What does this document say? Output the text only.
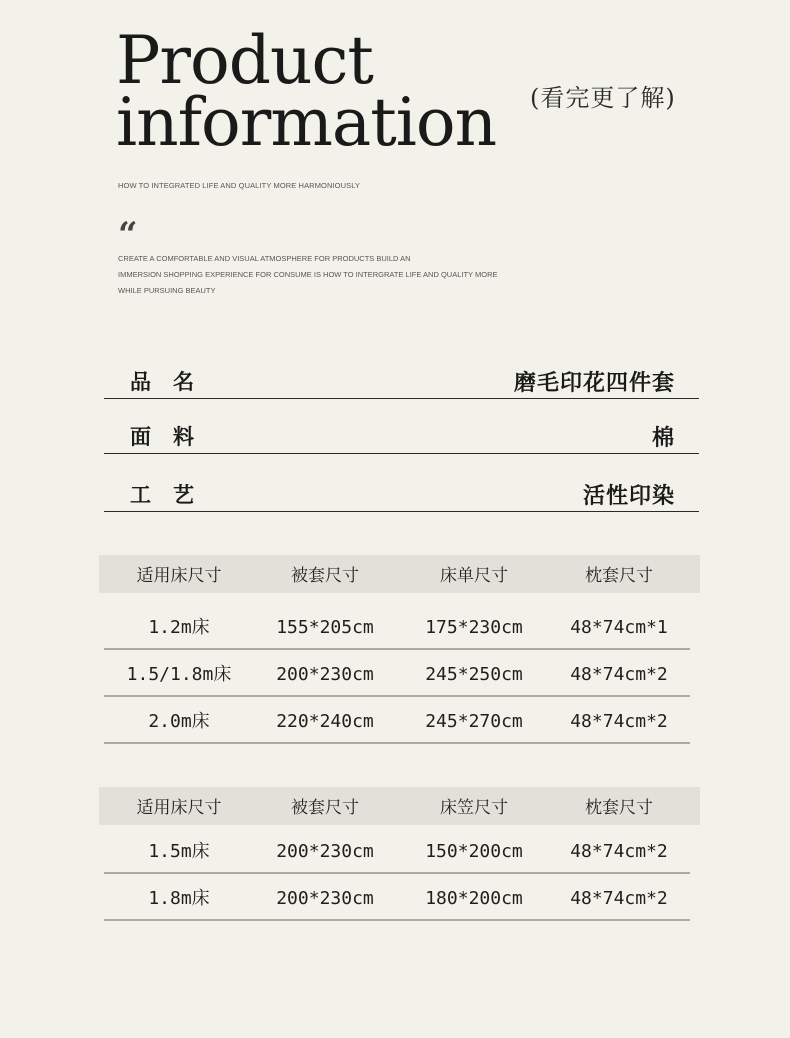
Product
information (看完更了解)
HOW TO INTEGRATED LIFE AND QUALITY MORE HARMONIOUSLY
“
CREATE A COMFORTABLE AND VISUAL ATMOSPHERE FOR PRODUCTS BUILD AN
IMMERSION SHOPPING EXPERIENCE FOR CONSUME IS HOW TO INTERGRATE LIFE AND QUALITY MORE
WHILE PURSUING BEAUTY
品名	磨毛印花四件套
面料	棉
工艺	活性印染
适用床尺寸	被套尺寸	床单尺寸	枕套尺寸
1.2m床	155*205cm	175*230cm	48*74cm*1
1.5/1.8m床	200*230cm	245*250cm	48*74cm*2
2.0m床	220*240cm	245*270cm	48*74cm*2
适用床尺寸	被套尺寸	床笠尺寸	枕套尺寸
1.5m床	200*230cm	150*200cm	48*74cm*2
1.8m床	200*230cm	180*200cm	48*74cm*2
